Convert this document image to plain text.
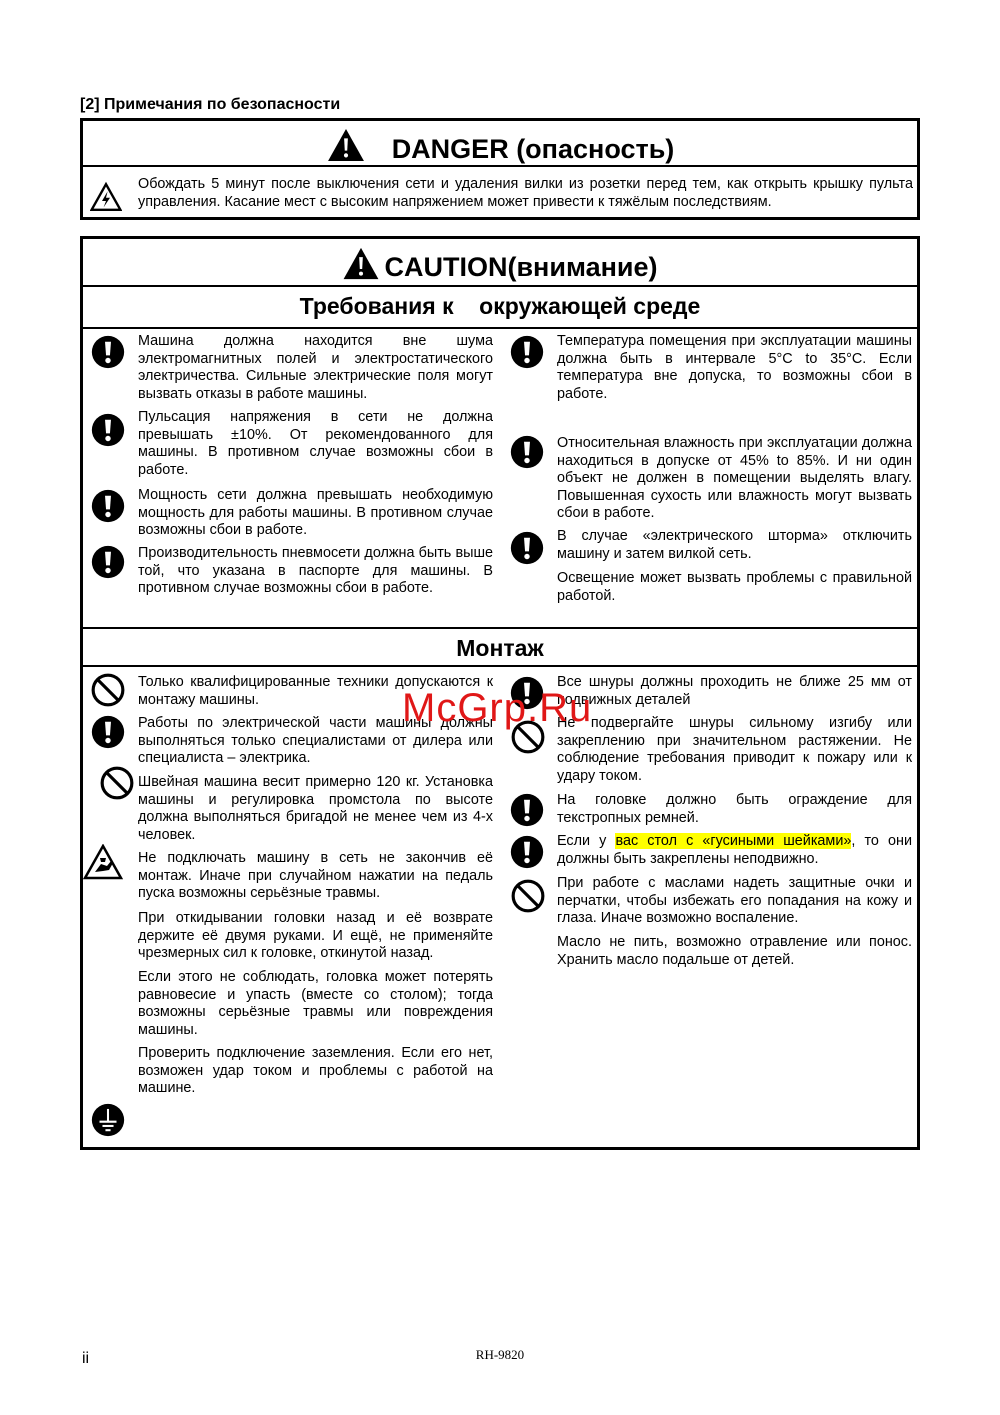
[2] Примечания по безопасности
DANGER (опасность)
Обождать 5 минут после выключения сети и удаления вилки из розетки перед тем, как открыть крышку пульта управления. Касание мест с высоким напряжением может привести к тяжёлым последствиям.
CAUTION(внимание)
Требования к    окружающей среде
Машина должна находится вне шума электромагнитных полей и электростатического электричества. Сильные электрические поля могут вызвать отказы в работе машины.
Пульсация напряжения в сети не должна превышать ±10%. От рекомендованного для машины. В противном случае возможны сбои в работе.
Мощность сети должна превышать необходимую мощность для работы машины. В противном случае возможны сбои в работе.
Производительность пневмосети должна быть выше той, что указана в паспорте для машины. В противном случае возможны сбои в работе.
Температура помещения при эксплуатации машины должна быть в интервале 5°С to 35°С. Если температура вне допуска, то возможны сбои в работе.
Относительная влажность при эксплуатации должна находиться в допуске от 45% to 85%. И ни один объект не должен в помещении выделять влагу. Повышенная сухость или влажность могут вызвать сбои в работе.
В случае «электрического шторма» отключить машину и затем вилкой сеть.
Освещение может вызвать проблемы с правильной работой.
Монтаж
Только квалифицированные техники допускаются к монтажу машины.
Работы по электрической части машины должны выполняться только специалистами от дилера или специалиста – электрика.
Швейная машина весит примерно 120 кг. Установка машины и регулировка промстола по высоте должна выполняться бригадой не менее чем из 4-х человек.
Не подключать машину в сеть не закончив её монтаж. Иначе при случайном нажатии на педаль пуска возможны серьёзные травмы.
При откидывании головки назад и её возврате держите её двумя руками. И ещё, не применяйте чрезмерных сил к головке, откинутой назад.
Если этого не соблюдать, головка может потерять равновесие и упасть (вместе со столом); тогда возможны серьёзные травмы или повреждения машины.
Проверить подключение заземления. Если его нет, возможен удар током и проблемы с работой на машине.
Все шнуры должны проходить не ближе 25 мм от подвижных деталей
Не подвергайте шнуры сильному изгибу или закреплению при значительном растяжении. Не соблюдение требования приводит к пожару или к удару током.
На головке должно быть ограждение для текстропных ремней.
Если у вас стол с «гусиными шейками», то они должны быть закреплены неподвижно.
При работе с маслами надеть защитные очки и перчатки, чтобы избежать его попадания на кожу и глаза. Иначе возможно воспаление.
Масло не пить, возможно отравление или понос. Хранить масло подальше от детей.
McGrp.Ru
ii	RH-9820
